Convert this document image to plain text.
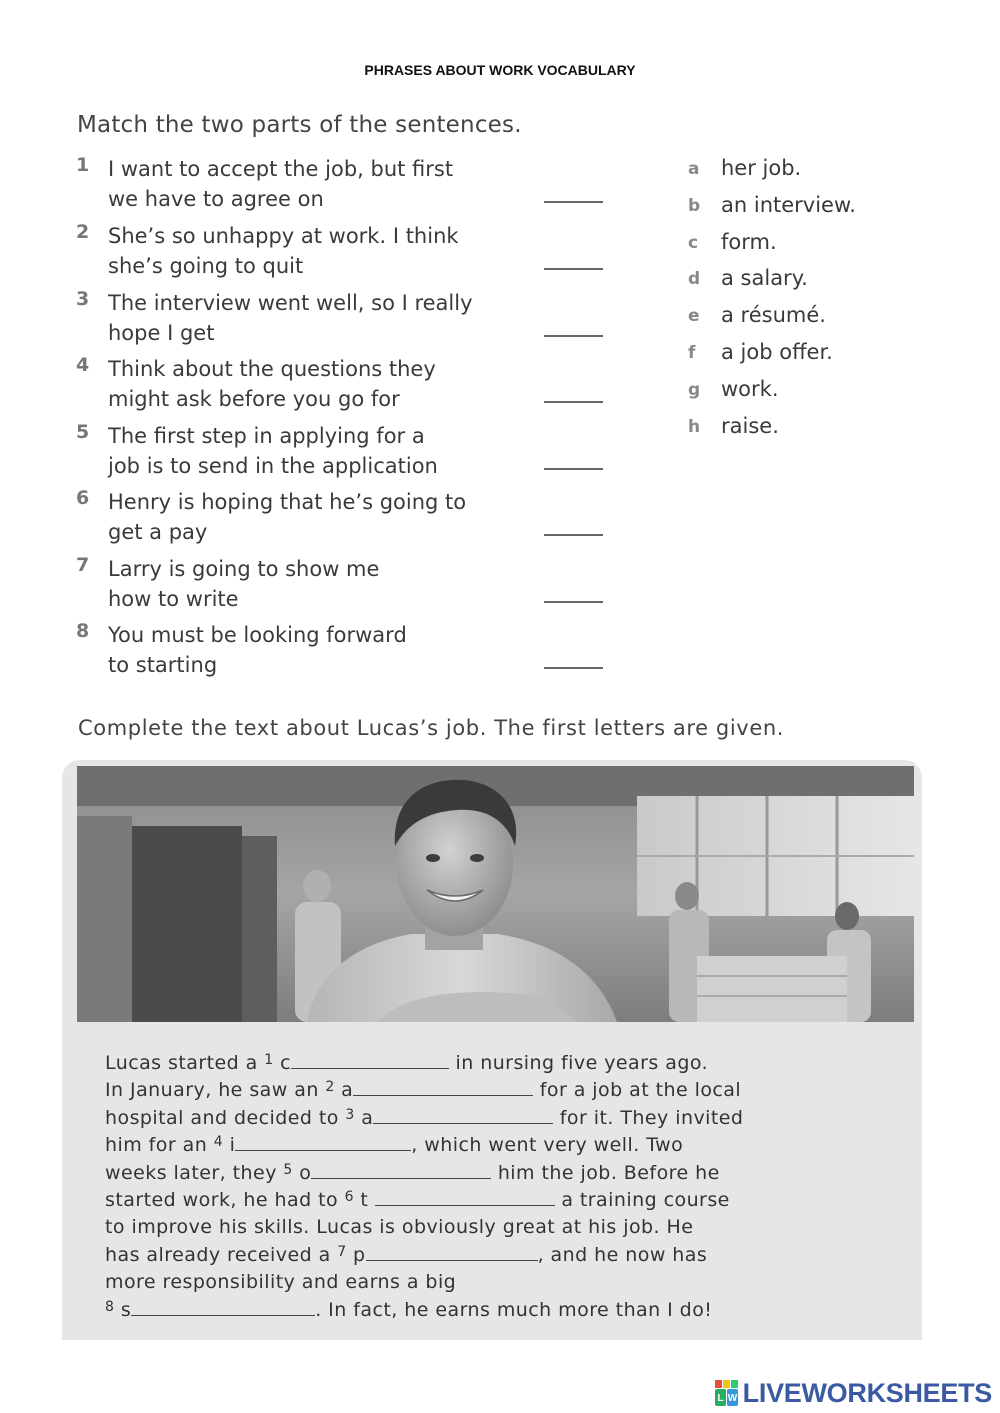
PHRASES ABOUT WORK VOCABULARY
Match the two parts of the sentences.
1 I want to accept the job, but first
we have to agree on
2 She’s so unhappy at work. I think
she’s going to quit
3 The interview went well, so I really
hope I get
4 Think about the questions they
might ask before you go for
5 The first step in applying for a
job is to send in the application
6 Henry is hoping that he’s going to
get a pay
7 Larry is going to show me
how to write
8 You must be looking forward
to starting
a her job.
b an interview.
c form.
d a salary.
e a résumé.
f a job offer.
g work.
h raise.
Complete the text about Lucas’s job. The first letters are given.
Lucas started a $^1$ c	in nursing five years ago.
In January, he saw an $^2$ a	for a job at the local
hospital and decided to $^3$ a	for it. They invited
him for an $^4$ i	, which went very well. Two
weeks later, they $^5$ o	him the job. Before he
started work, he had to $^6$ t	a training course
to improve his skills. Lucas is obviously great at his job. He
has already received a $^7$ p	, and he now has
more responsibility and earns a big
$^8$ s	. In fact, he earns much more than I do!
L W LIVEWORKSHEETS
